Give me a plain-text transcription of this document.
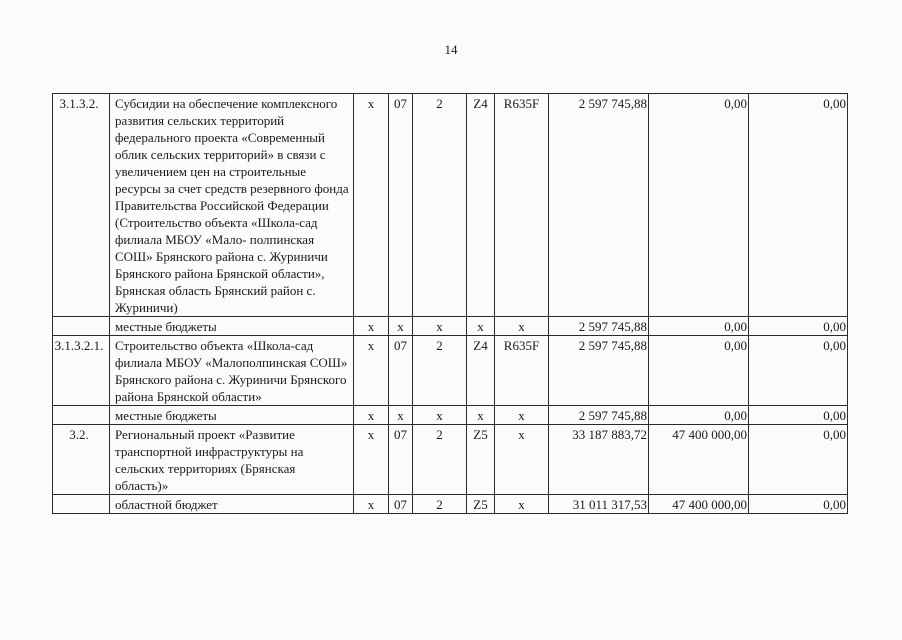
14
3.1.3.2.	Субсидии на обеспечение комплексного развития сельских территорий федерального проекта «Современный облик сельских территорий» в связи с увеличением цен на строительные ресурсы за счет средств резервного фонда Правительства Российской Федерации (Строительство объекта «Школа-сад филиала МБОУ «Мало- полпинская СОШ» Брянского района с. Журиничи Брянского района Брянской области», Брянская область Брянский район с. Журиничи)	x	07	2	Z4	R635F	2 597 745,88	0,00	0,00
	местные бюджеты	x	x	x	x	x	2 597 745,88	0,00	0,00
3.1.3.2.1.	Строительство объекта «Школа-сад филиала МБОУ «Малополпинская СОШ» Брянского района с. Журиничи Брянского района Брянской области»	x	07	2	Z4	R635F	2 597 745,88	0,00	0,00
	местные бюджеты	x	x	x	x	x	2 597 745,88	0,00	0,00
3.2.	Региональный проект «Развитие транспортной инфраструктуры на сельских территориях (Брянская область)»	x	07	2	Z5	x	33 187 883,72	47 400 000,00	0,00
	областной бюджет	x	07	2	Z5	x	31 011 317,53	47 400 000,00	0,00
